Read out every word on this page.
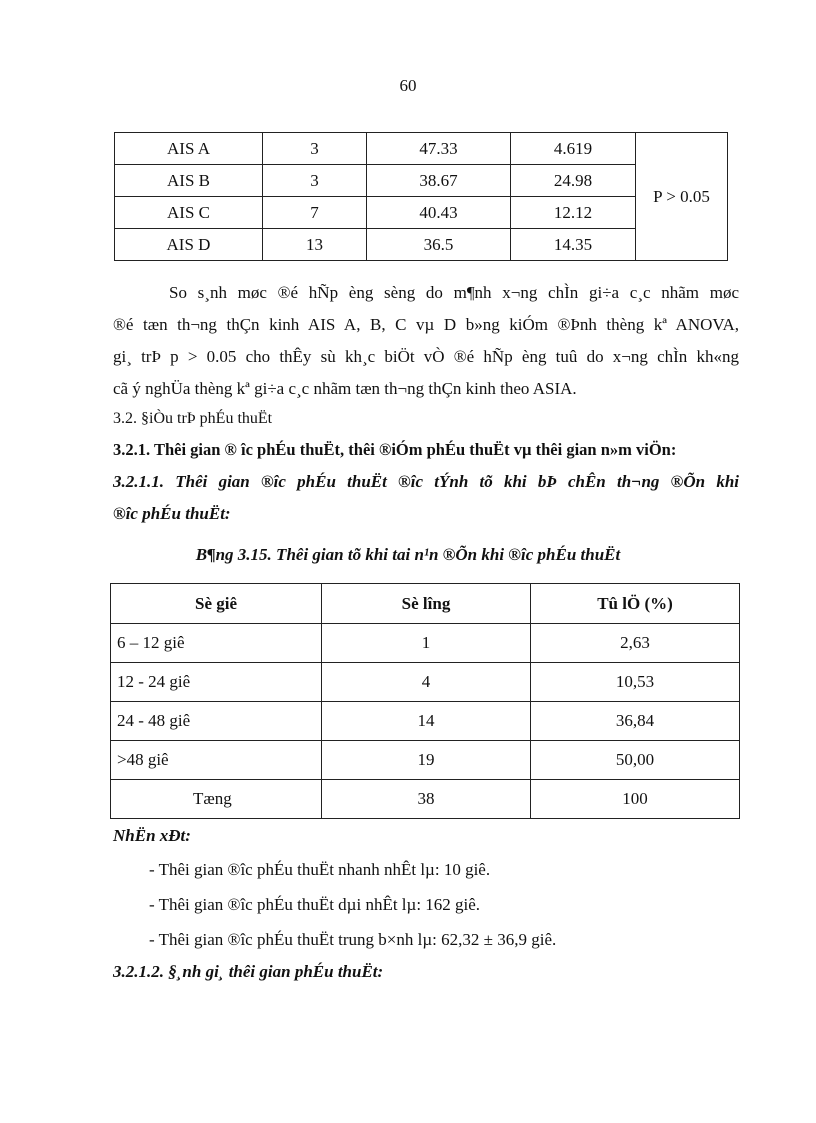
60
AIS A	3	47.33	4.619	P > 0.05
AIS B	3	38.67	24.98	
AIS C	7	40.43	12.12	
AIS D	13	36.5	14.35	
So s¸nh møc ®é hÑp èng sèng do m¶nh x¬ng chÌn gi÷a c¸c nhãm møc
®é tæn th¬ng thÇn kinh AIS A, B, C vµ D b»ng kiÓm ®Þnh thèng kª ANOVA,
gi¸ trÞ p > 0.05 cho thÊy sù kh¸c biÖt vÒ ®é hÑp èng tuû do x¬ng chÌn kh«ng
cã ý nghÜa thèng kª gi÷a c¸c nhãm tæn th¬ng thÇn kinh theo ASIA.

3.2. §iÒu trÞ phÉu thuËt

3.2.1. Thêi gian ® îc phÉu thuËt, thêi ®iÓm phÉu thuËt vµ thêi gian n»m viÖn:

3.2.1.1. Thêi gian ®îc phÉu thuËt ®îc tÝnh tõ khi bÞ chÊn th¬ng ®Õn khi

®îc phÉu thuËt:

B¶ng 3.15. Thêi gian tõ khi tai n¹n ®Õn khi ®îc phÉu thuËt
Sè giê	Sè lîng	Tû lÖ (%)
6 – 12 giê	1	2,63
12 - 24 giê	4	10,53
24 - 48 giê	14	36,84
>48 giê	19	50,00
Tæng	38	100

NhËn xÐt:

- Thêi gian ®îc phÉu thuËt nhanh nhÊt lµ: 10 giê.

- Thêi gian ®îc phÉu thuËt dµi nhÊt lµ: 162 giê.

- Thêi gian ®îc phÉu thuËt trung b×nh lµ: 62,32 ± 36,9 giê.

3.2.1.2. §¸nh gi¸ thêi gian phÉu thuËt:
